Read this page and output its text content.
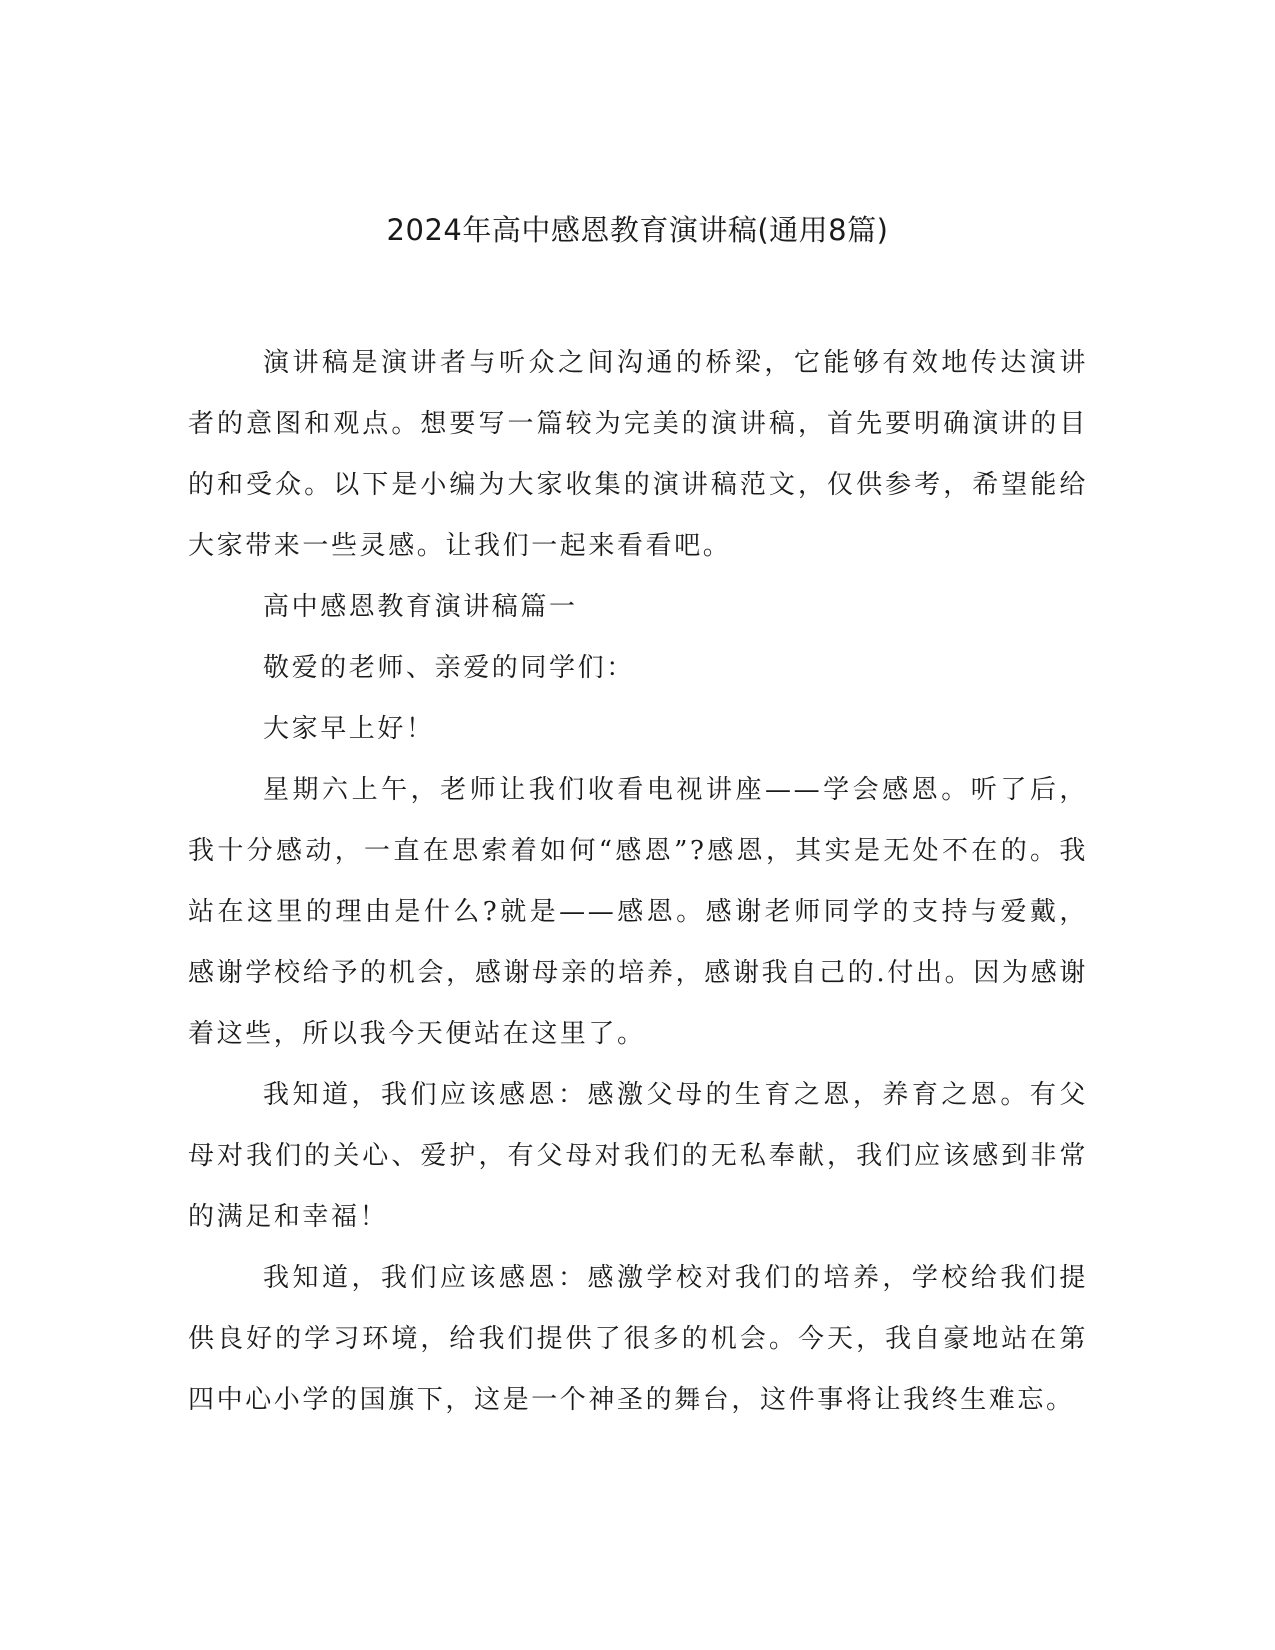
2024年高中感恩教育演讲稿(通用8篇)

演讲稿是演讲者与听众之间沟通的桥梁，它能够有效地传达演讲者的意图和观点。想要写一篇较为完美的演讲稿，首先要明确演讲的目的和受众。以下是小编为大家收集的演讲稿范文，仅供参考，希望能给大家带来一些灵感。让我们一起来看看吧。

高中感恩教育演讲稿篇一

敬爱的老师、亲爱的同学们：

大家早上好！

星期六上午，老师让我们收看电视讲座——学会感恩。听了后，我十分感动，一直在思索着如何“感恩”?感恩，其实是无处不在的。我站在这里的理由是什么?就是——感恩。感谢老师同学的支持与爱戴，感谢学校给予的机会，感谢母亲的培养，感谢我自己的.付出。因为感谢着这些，所以我今天便站在这里了。

我知道，我们应该感恩：感激父母的生育之恩，养育之恩。有父母对我们的关心、爱护，有父母对我们的无私奉献，我们应该感到非常的满足和幸福！

我知道，我们应该感恩：感激学校对我们的培养，学校给我们提供良好的学习环境，给我们提供了很多的机会。今天，我自豪地站在第四中心小学的国旗下，这是一个神圣的舞台，这件事将让我终生难忘。
